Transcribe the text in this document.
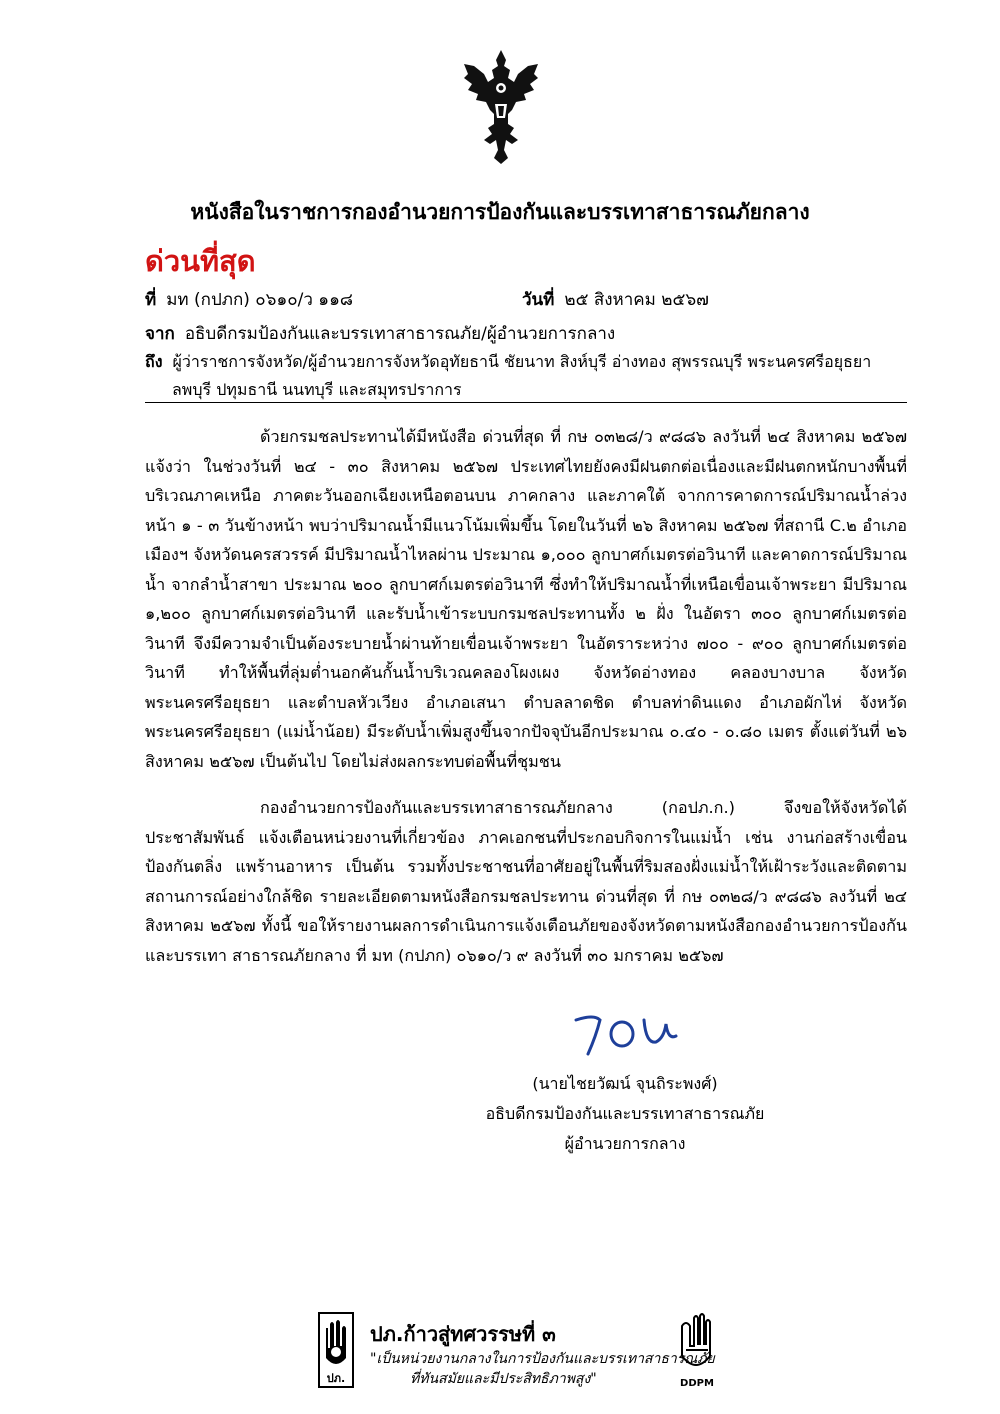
หนังสือในราชการกองอำนวยการป้องกันและบรรเทาสาธารณภัยกลาง
ด่วนที่สุด
ที่ มท (กปภก) ๐๖๑๐/ว ๑๑๘	วันที่ ๒๕ สิงหาคม ๒๕๖๗
จาก อธิบดีกรมป้องกันและบรรเทาสาธารณภัย/ผู้อำนวยการกลาง
ถึง ผู้ว่าราชการจังหวัด/ผู้อำนวยการจังหวัดอุทัยธานี ชัยนาท สิงห์บุรี อ่างทอง สุพรรณบุรี พระนครศรีอยุธยา
ลพบุรี ปทุมธานี นนทบุรี และสมุทรปราการ

ด้วยกรมชลประทานได้มีหนังสือ ด่วนที่สุด ที่ กษ ๐๓๒๘/ว ๙๘๘๖ ลงวันที่ ๒๔ สิงหาคม ๒๕๖๗ แจ้งว่า ในช่วงวันที่ ๒๔ - ๓๐ สิงหาคม ๒๕๖๗ ประเทศไทยยังคงมีฝนตกต่อเนื่องและมีฝนตกหนักบางพื้นที่ บริเวณภาคเหนือ ภาคตะวันออกเฉียงเหนือตอนบน ภาคกลาง และภาคใต้ จากการคาดการณ์ปริมาณน้ำล่วงหน้า ๑ - ๓ วันข้างหน้า พบว่าปริมาณน้ำมีแนวโน้มเพิ่มขึ้น โดยในวันที่ ๒๖ สิงหาคม ๒๕๖๗ ที่สถานี C.๒ อำเภอเมืองฯ จังหวัดนครสวรรค์ มีปริมาณน้ำไหลผ่าน ประมาณ ๑,๐๐๐ ลูกบาศก์เมตรต่อวินาที และคาดการณ์ปริมาณน้ำ จากลำน้ำสาขา ประมาณ ๒๐๐ ลูกบาศก์เมตรต่อวินาที ซึ่งทำให้ปริมาณน้ำที่เหนือเขื่อนเจ้าพระยา มีปริมาณ ๑,๒๐๐ ลูกบาศก์เมตรต่อวินาที และรับน้ำเข้าระบบกรมชลประทานทั้ง ๒ ฝั่ง ในอัตรา ๓๐๐ ลูกบาศก์เมตรต่อวินาที จึงมีความจำเป็นต้องระบายน้ำผ่านท้ายเขื่อนเจ้าพระยา ในอัตราระหว่าง ๗๐๐ - ๙๐๐ ลูกบาศก์เมตรต่อวินาที ทำให้พื้นที่ลุ่มต่ำนอกคันกั้นน้ำบริเวณคลองโผงเผง จังหวัดอ่างทอง คลองบางบาล จังหวัดพระนครศรีอยุธยา และตำบลหัวเวียง อำเภอเสนา ตำบลลาดชิด ตำบลท่าดินแดง อำเภอผักไห่ จังหวัดพระนครศรีอยุธยา (แม่น้ำน้อย) มีระดับน้ำเพิ่มสูงขึ้นจากปัจจุบันอีกประมาณ ๐.๔๐ - ๐.๘๐ เมตร ตั้งแต่วันที่ ๒๖ สิงหาคม ๒๕๖๗ เป็นต้นไป โดยไม่ส่งผลกระทบต่อพื้นที่ชุมชน

กองอำนวยการป้องกันและบรรเทาสาธารณภัยกลาง (กอปภ.ก.) จึงขอให้จังหวัดได้ประชาสัมพันธ์ แจ้งเตือนหน่วยงานที่เกี่ยวข้อง ภาคเอกชนที่ประกอบกิจการในแม่น้ำ เช่น งานก่อสร้างเขื่อนป้องกันตลิ่ง แพร้านอาหาร เป็นต้น รวมทั้งประชาชนที่อาศัยอยู่ในพื้นที่ริมสองฝั่งแม่น้ำให้เฝ้าระวังและติดตามสถานการณ์อย่างใกล้ชิด รายละเอียดตามหนังสือกรมชลประทาน ด่วนที่สุด ที่ กษ ๐๓๒๘/ว ๙๘๘๖ ลงวันที่ ๒๔ สิงหาคม ๒๕๖๗ ทั้งนี้ ขอให้รายงานผลการดำเนินการแจ้งเตือนภัยของจังหวัดตามหนังสือกองอำนวยการป้องกันและบรรเทา สาธารณภัยกลาง ที่ มท (กปภก) ๐๖๑๐/ว ๙ ลงวันที่ ๓๐ มกราคม ๒๕๖๗

(นายไชยวัฒน์ จุนถิระพงศ์)
อธิบดีกรมป้องกันและบรรเทาสาธารณภัย
ผู้อำนวยการกลาง
ปภ.
ปภ.ก้าวสู่ทศวรรษที่ ๓
"เป็นหน่วยงานกลางในการป้องกันและบรรเทาสาธารณภัย
ที่ทันสมัยและมีประสิทธิภาพสูง"	DDPM
